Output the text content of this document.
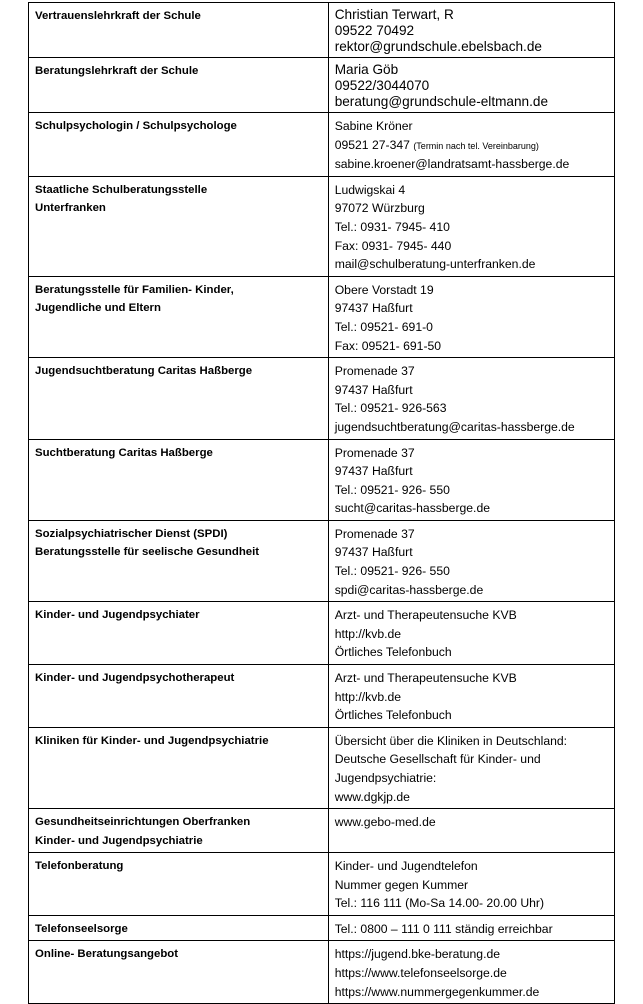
Vertrauenslehrkraft der Schule	Christian Terwart, R
09522 70492
rektor@grundschule.ebelsbach.de

Beratungslehrkraft der Schule	Maria Göb
09522/3044070
beratung@grundschule-eltmann.de

Schulpsychologin / Schulpsychologe	Sabine Kröner
09521 27-347 (Termin nach tel. Vereinbarung)
sabine.kroener@landratsamt-hassberge.de

Staatliche Schulberatungsstelle
Unterfranken	Ludwigskai 4
97072 Würzburg
Tel.: 0931- 7945- 410
Fax: 0931- 7945- 440
mail@schulberatung-unterfranken.de

Beratungsstelle für Familien- Kinder,
Jugendliche und Eltern	Obere Vorstadt 19
97437 Haßfurt
Tel.: 09521- 691-0
Fax: 09521- 691-50

Jugendsuchtberatung Caritas Haßberge	Promenade 37
97437 Haßfurt
Tel.: 09521- 926-563
jugendsuchtberatung@caritas-hassberge.de

Suchtberatung Caritas Haßberge	Promenade 37
97437 Haßfurt
Tel.: 09521- 926- 550
sucht@caritas-hassberge.de

Sozialpsychiatrischer Dienst (SPDI)
Beratungsstelle für seelische Gesundheit	Promenade 37
97437 Haßfurt
Tel.: 09521- 926- 550
spdi@caritas-hassberge.de

Kinder- und Jugendpsychiater	Arzt- und Therapeutensuche KVB
http://kvb.de
Örtliches Telefonbuch

Kinder- und Jugendpsychotherapeut	Arzt- und Therapeutensuche KVB
http://kvb.de
Örtliches Telefonbuch

Kliniken für Kinder- und Jugendpsychiatrie	Übersicht über die Kliniken in Deutschland:
Deutsche Gesellschaft für Kinder- und
Jugendpsychiatrie:
www.dgkjp.de

Gesundheitseinrichtungen Oberfranken
Kinder- und Jugendpsychiatrie	www.gebo-med.de

Telefonberatung	Kinder- und Jugendtelefon
Nummer gegen Kummer
Tel.: 116 111 (Mo-Sa 14.00- 20.00 Uhr)

Telefonseelsorge	Tel.: 0800 – 111 0 111 ständig erreichbar

Online- Beratungsangebot	https://jugend.bke-beratung.de
https://www.telefonseelsorge.de
https://www.nummergegenkummer.de
